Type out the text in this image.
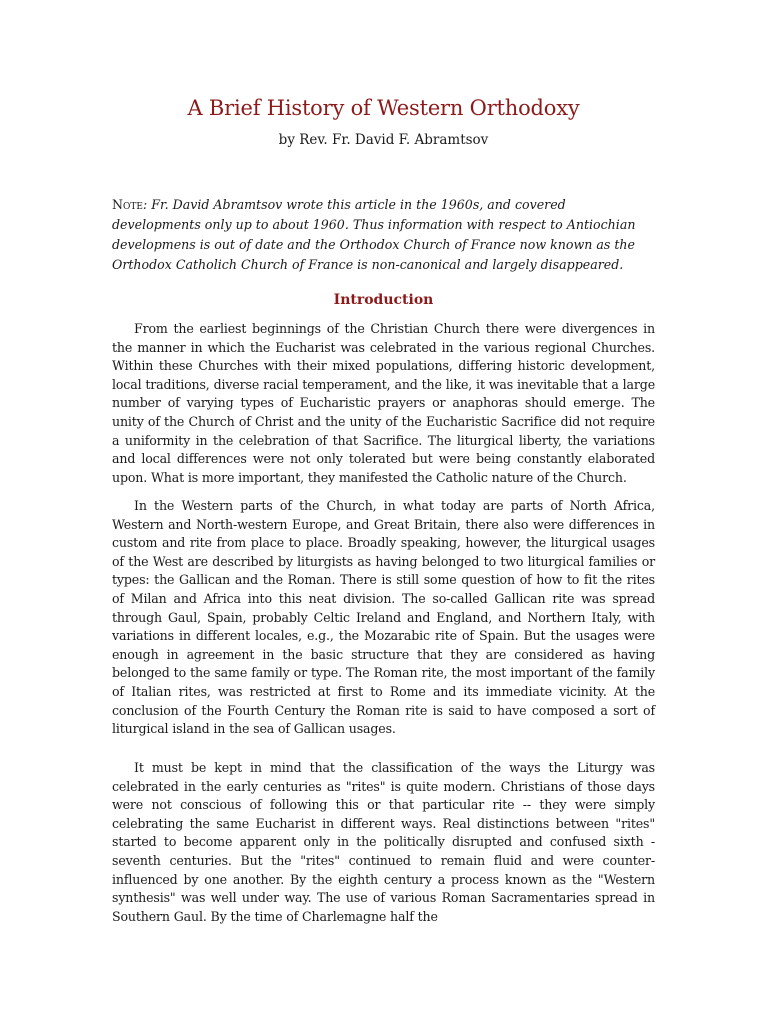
A Brief History of Western Orthodoxy

by Rev. Fr. David F. Abramtsov

Note: Fr. David Abramtsov wrote this article in the 1960s, and covered developments only up to about 1960. Thus information with respect to Antiochian developmens is out of date and the Orthodox Church of France now known as the Orthodox Catholich Church of France is non-canonical and largely disappeared.

Introduction

From the earliest beginnings of the Christian Church there were divergences in the manner in which the Eucharist was celebrated in the various regional Churches. Within these Churches with their mixed populations, differing historic development, local traditions, diverse racial temperament, and the like, it was inevitable that a large number of varying types of Eucharistic prayers or anaphoras should emerge. The unity of the Church of Christ and the unity of the Eucharistic Sacrifice did not require a uniformity in the celebration of that Sacrifice. The liturgical liberty, the variations and local differences were not only tolerated but were being constantly elaborated upon. What is more important, they manifested the Catholic nature of the Church.

In the Western parts of the Church, in what today are parts of North Africa, Western and North-western Europe, and Great Britain, there also were differences in custom and rite from place to place. Broadly speaking, however, the liturgical usages of the West are described by liturgists as having belonged to two liturgical families or types: the Gallican and the Roman. There is still some question of how to fit the rites of Milan and Africa into this neat division. The so-called Gallican rite was spread through Gaul, Spain, probably Celtic Ireland and England, and Northern Italy, with variations in different locales, e.g., the Mozarabic rite of Spain. But the usages were enough in agreement in the basic structure that they are considered as having belonged to the same family or type. The Roman rite, the most important of the family of Italian rites, was restricted at first to Rome and its immediate vicinity. At the conclusion of the Fourth Century the Roman rite is said to have composed a sort of liturgical island in the sea of Gallican usages.

It must be kept in mind that the classification of the ways the Liturgy was celebrated in the early centuries as "rites" is quite modern. Christians of those days were not conscious of following this or that particular rite -- they were simply celebrating the same Eucharist in different ways. Real distinctions between "rites" started to become apparent only in the politically disrupted and confused sixth - seventh centuries. But the "rites" continued to remain fluid and were counter-influenced by one another. By the eighth century a process known as the "Western synthesis" was well under way. The use of various Roman Sacramentaries spread in Southern Gaul. By the time of Charlemagne half the
